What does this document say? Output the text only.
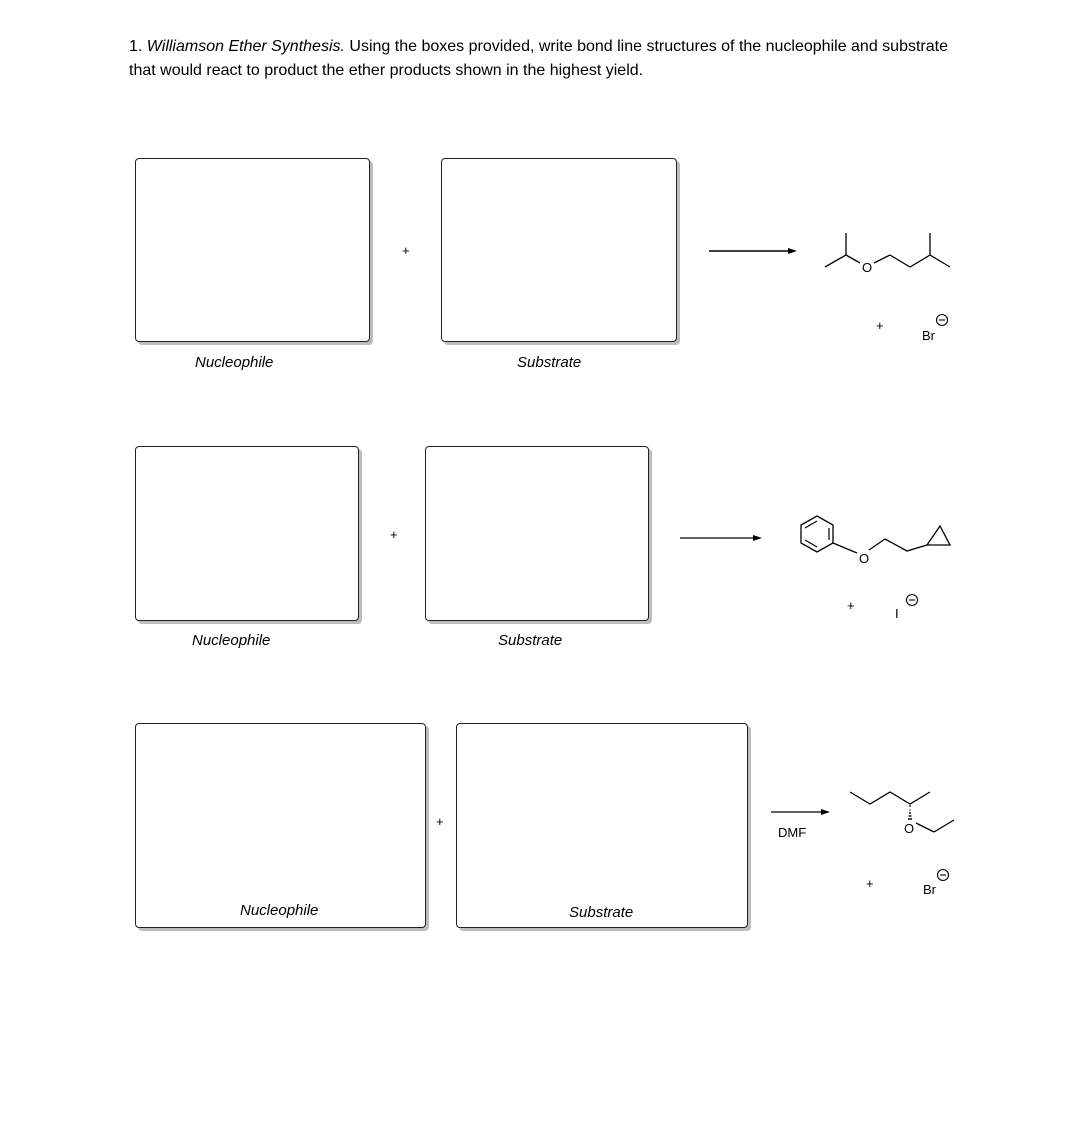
1. Williamson Ether Synthesis. Using the boxes provided, write bond line structures of the nucleophile and substrate that would react to product the ether products shown in the highest yield.
+
Nucleophile	Substrate
O
+
Br
+
Nucleophile	Substrate
O
+
I
Nucleophile
+
Substrate
DMF	O
+	Br
